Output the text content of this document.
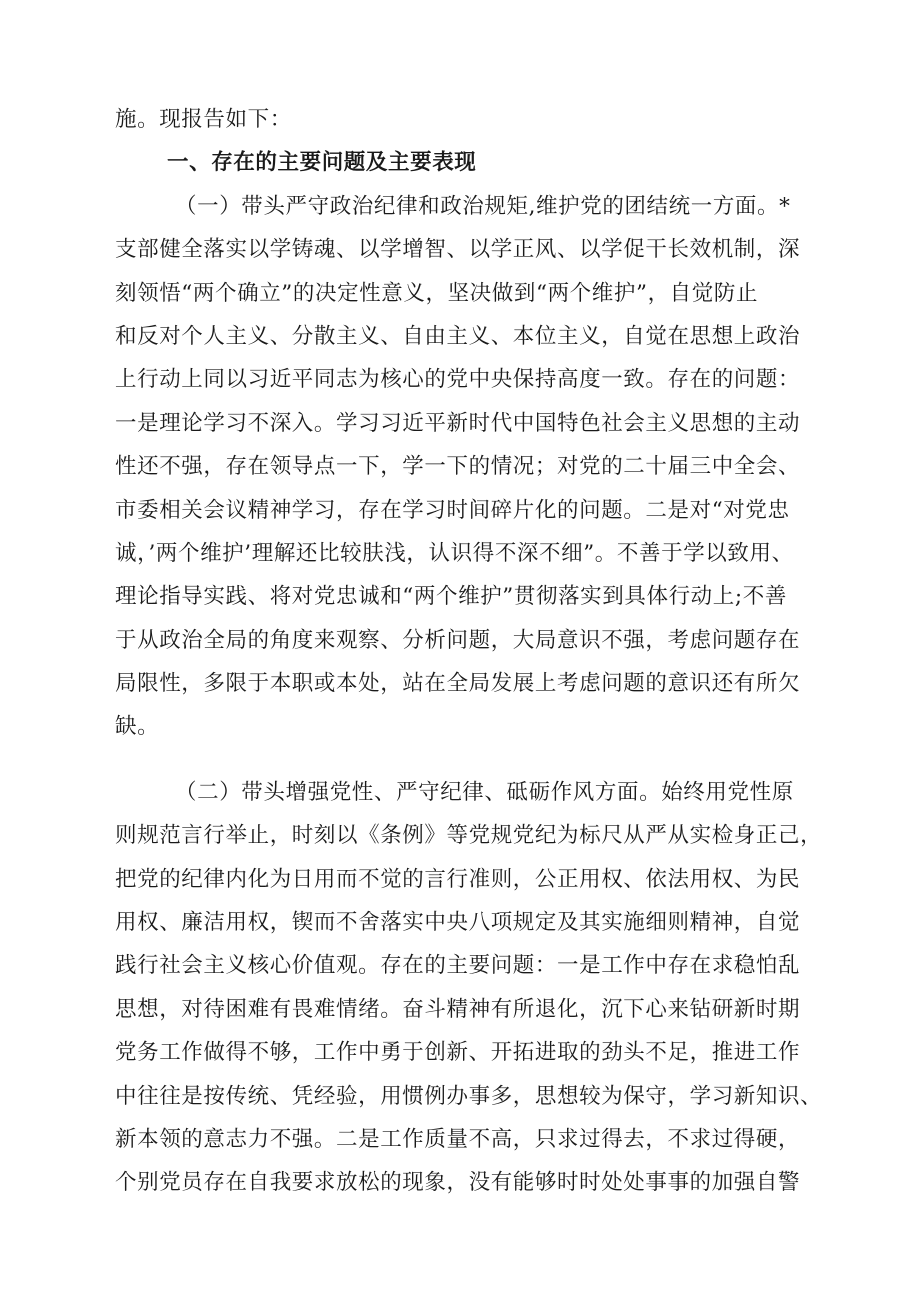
施。现报告如下：
一、存在的主要问题及主要表现
（一）带头严守政治纪律和政治规矩,维护党的团结统一方面。*
支部健全落实以学铸魂、以学增智、以学正风、以学促干长效机制，深
刻领悟“两个确立”的决定性意义，坚决做到“两个维护”，自觉防止
和反对个人主义、分散主义、自由主义、本位主义，自觉在思想上政治
上行动上同以习近平同志为核心的党中央保持高度一致。存在的问题：
一是理论学习不深入。学习习近平新时代中国特色社会主义思想的主动
性还不强，存在领导点一下，学一下的情况；对党的二十届三中全会、
市委相关会议精神学习，存在学习时间碎片化的问题。二是对“对党忠
诚，’两个维护’理解还比较肤浅，认识得不深不细”。不善于学以致用、
理论指导实践、将对党忠诚和“两个维护”贯彻落实到具体行动上;不善
于从政治全局的角度来观察、分析问题，大局意识不强，考虑问题存在
局限性，多限于本职或本处，站在全局发展上考虑问题的意识还有所欠
缺。
（二）带头增强党性、严守纪律、砥砺作风方面。始终用党性原
则规范言行举止，时刻以《条例》等党规党纪为标尺从严从实检身正己，
把党的纪律内化为日用而不觉的言行准则，公正用权、依法用权、为民
用权、廉洁用权，锲而不舍落实中央八项规定及其实施细则精神，自觉
践行社会主义核心价值观。存在的主要问题：一是工作中存在求稳怕乱
思想，对待困难有畏难情绪。奋斗精神有所退化，沉下心来钻研新时期
党务工作做得不够，工作中勇于创新、开拓进取的劲头不足，推进工作
中往往是按传统、凭经验，用惯例办事多，思想较为保守，学习新知识、
新本领的意志力不强。二是工作质量不高，只求过得去，不求过得硬，
个别党员存在自我要求放松的现象，没有能够时时处处事事的加强自警
